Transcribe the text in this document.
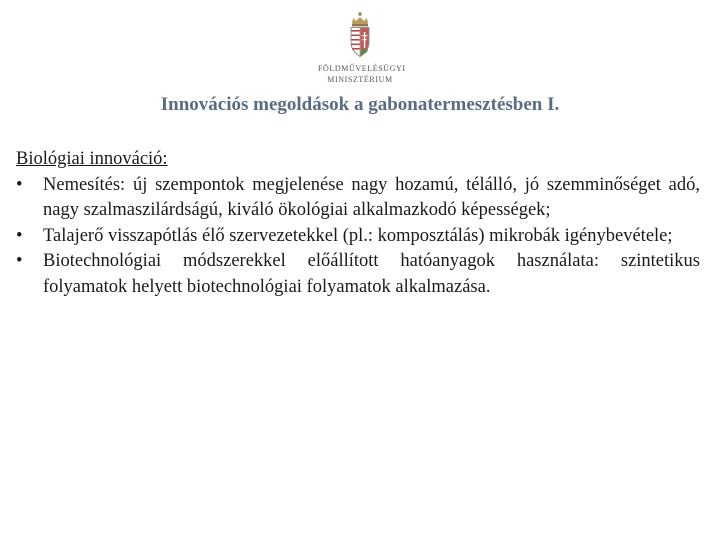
FÖLDMŰVELÉSÜGYI
MINISZTÉRIUM
Innovációs megoldások a gabonatermesztésben I.

Biológiai innováció:

• Nemesítés: új szempontok megjelenése nagy hozamú, télálló, jó szemminőséget adó, nagy szalmaszilárdságú, kiváló ökológiai alkalmazkodó képességek;
• Talajerő visszapótlás élő szervezetekkel (pl.: komposztálás) mikrobák igénybevétele;
• Biotechnológiai módszerekkel előállított hatóanyagok használata: szintetikus folyamatok helyett biotechnológiai folyamatok alkalmazása.
